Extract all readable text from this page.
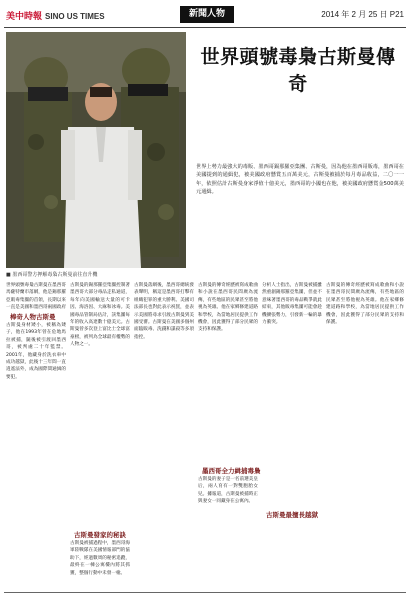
美中時報 SINO US TIMES	新聞人物	2014 年 2 月 25 日 P21
■ 墨西哥警方押解毒梟古斯曼前往直升機
世界頭號毒梟古斯曼傳奇
世界上勢力最強大的毒販、墨西哥錫那羅亞集團、古斯曼，因為他在墨西哥販毒，墨西哥在美國提到的通緝犯，被美國政府懸賞五百萬美元，古斯曼被捕於每月毒品收益，二〇一一年，依照估計古斯曼身家淨值十億美元，墨西哥的小國也在他，被美國政府懸賞金500萬美元通緝。
世界頭號毒梟古斯曼在墨西哥馬薩特蘭市落網，他是錫那羅亞販毒集團的首領，長期以來一直是美國和墨西哥兩國政府
棒奇人物古斯曼
古斯曼身材矮小，被稱為矮子，他在1993年曾在危地馬拉被捕，隨後被引渡回墨西哥，被判處二十年監禁。2001年，他藏身於洗衣車中成功越獄，此後十三年間一直逍遙法外，成為國際間通緝的要犯。
古斯曼的錫那羅亞集團控制著墨西哥大部分毒品走私通道，每年向美國輸送大量的可卡因、海洛因、大麻和冰毒。美國毒品管制局估計，該集團每年的收入高達數十億美元。古斯曼曾多次登上富比士全球富豪榜，被列為全球最有權勢的人物之一。
古斯曼發家的秘訣
古斯曼被捕過程中，墨西哥海軍陸戰隊在美國情報部門的協助下，經過數周的秘密追蹤，最終在一棟公寓樓內將其抓獲，整個行動中未發一槍。
古斯曼落網後，墨西哥總統發表聲明，稱這是墨西哥打擊有組織犯罪的重大勝利。美國司法部長也對此表示祝賀，並表示美國將尋求引渡古斯曼到美國受審。古斯曼在美國多個州面臨販毒、洗錢和謀殺等多項指控。
古斯曼的傳奇經歷被寫成歌曲和小說在墨西哥民間廣為流傳，有些地區的民眾甚至將他視為英雄。他在家鄉修建道路和學校，為當地居民提供工作機會，因此獲得了部分民眾的支持和保護。
墨西哥全力緝捕毒梟
古斯曼的妻子是一名前選美皇后，兩人育有一對雙胞胎女兒。據報道，古斯曼被捕時正與妻女一同藏身在公寓內。
分析人士指出，古斯曼被捕雖然重創錫那羅亞集團，但並不意味著墨西哥的毒品戰爭就此結束，其他販毒集團可能會趁機擴張勢力，引發新一輪的暴力衝突。
古斯曼最擅長越獄
古斯曼的傳奇經歷被寫成歌曲和小說在墨西哥民間廣為流傳，有些地區的民眾甚至將他視為英雄。他在家鄉修建道路和學校，為當地居民提供工作機會，因此獲得了部分民眾的支持和保護。
